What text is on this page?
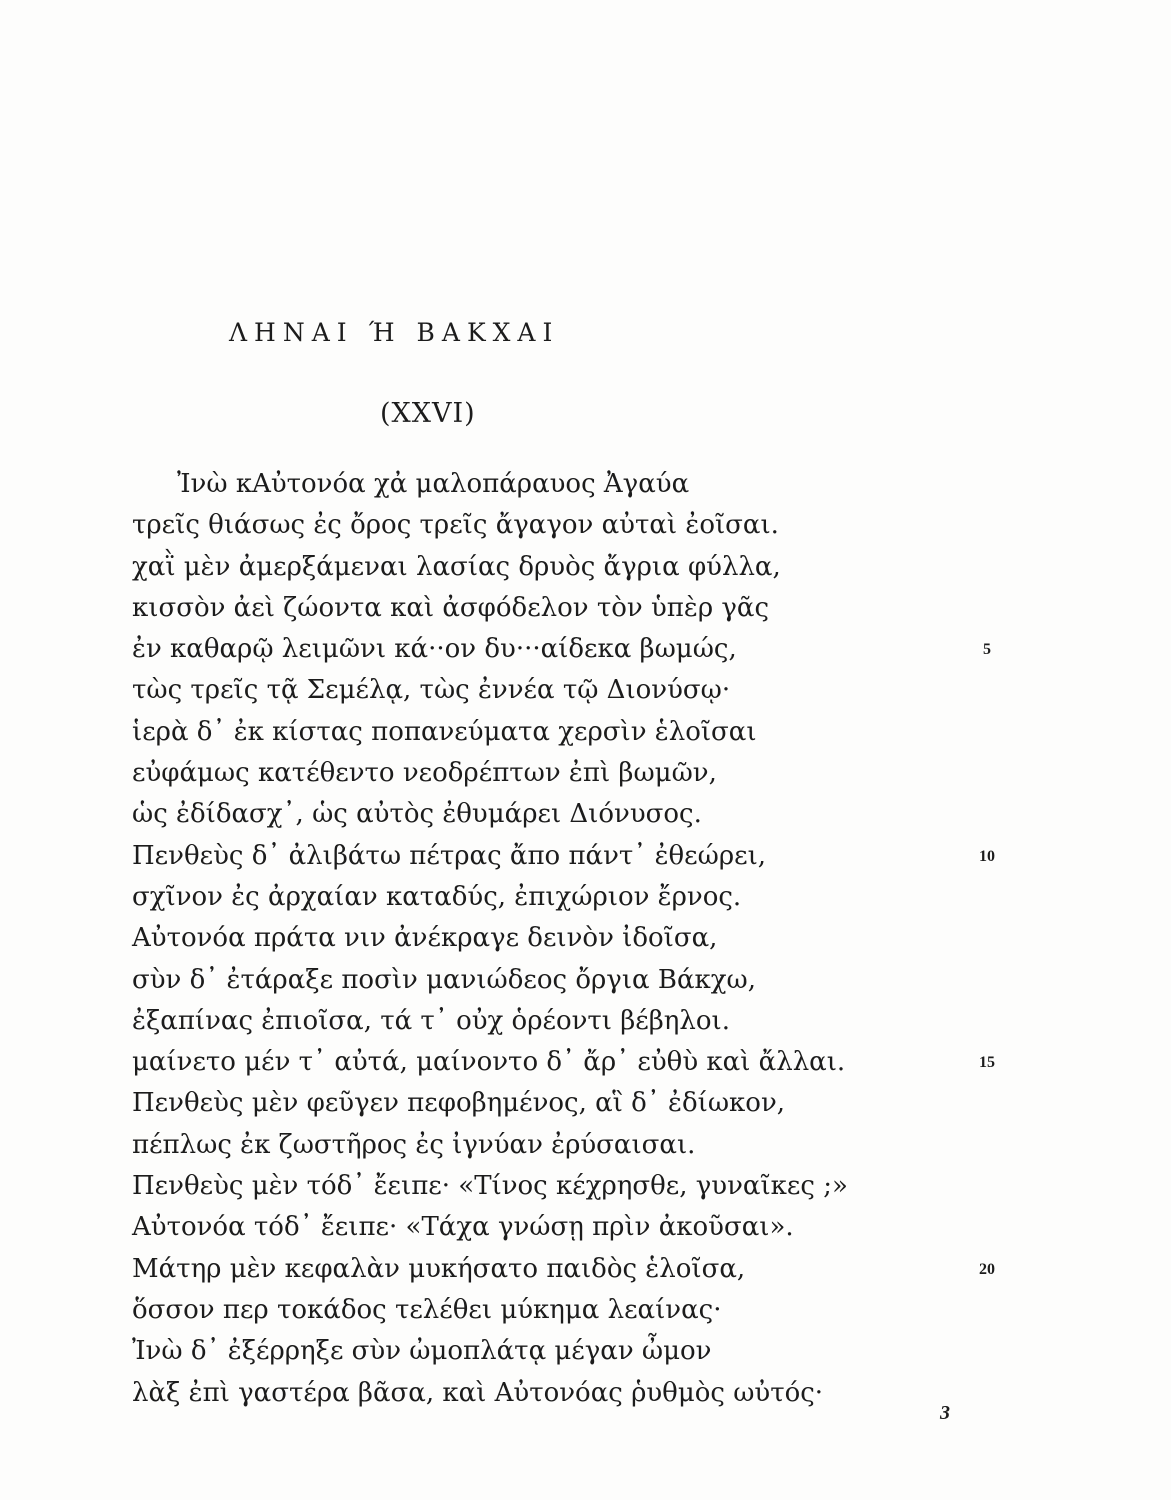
ΛΗΝΑΙ Ή ΒΑΚΧΑΙ
(XXVI)
Ἰνὼ κΑὐτονόα χἀ μαλοπάραυος Ἀγαύα
τρεῖς θιάσως ἐς ὄρος τρεῖς ἄγαγον αὐταὶ ἐοῖσαι.
χαῒ μὲν ἀμερξάμεναι λασίας δρυὸς ἄγρια φύλλα,
κισσὸν ἀεὶ ζώοντα καὶ ἀσφόδελον τὸν ὑπὲρ γᾶς
ἐν καθαρῷ λειμῶνι κά··ον δυ···αίδεκα βωμώς,	5
τὼς τρεῖς τᾷ Σεμέλᾳ, τὼς ἐννέα τῷ Διονύσῳ·
ἱερὰ δ᾽ ἐκ κίστας ποπανεύματα χερσὶν ἑλοῖσαι
εὐφάμως κατέθεντο νεοδρέπτων ἐπὶ βωμῶν,
ὡς ἐδίδασχ᾽, ὡς αὐτὸς ἐθυμάρει Διόνυσος.
Πενθεὺς δ᾽ ἀλιβάτω πέτρας ἄπο πάντ᾽ ἐθεώρει,	10
σχῖνον ἐς ἀρχαίαν καταδύς, ἐπιχώριον ἔρνος.
Αὐτονόα πράτα νιν ἀνέκραγε δεινὸν ἰδοῖσα,
σὺν δ᾽ ἐτάραξε ποσὶν μανιώδεος ὄργια Βάκχω,
ἐξαπίνας ἐπιοῖσα, τά τ᾽ οὐχ ὁρέοντι βέβηλοι.
μαίνετο μέν τ᾽ αὐτά, μαίνοντο δ᾽ ἄρ᾽ εὐθὺ καὶ ἄλλαι.	15
Πενθεὺς μὲν φεῦγεν πεφοβημένος, αἳ δ᾽ ἐδίωκον,
πέπλως ἐκ ζωστῆρος ἐς ἰγνύαν ἐρύσαισαι.
Πενθεὺς μὲν τόδ᾽ ἔειπε· «Τίνος κέχρησθε, γυναῖκες ;»
Αὐτονόα τόδ᾽ ἔειπε· «Τάχα γνώσῃ πρὶν ἀκοῦσαι».
Μάτηρ μὲν κεφαλὰν μυκήσατο παιδὸς ἑλοῖσα,	20
ὅσσον περ τοκάδος τελέθει μύκημα λεαίνας·
Ἰνὼ δ᾽ ἐξέρρηξε σὺν ὠμοπλάτᾳ μέγαν ὦμον
λὰξ ἐπὶ γαστέρα βᾶσα, καὶ Αὐτονόας ῥυθμὸς ωὐτός·
3
